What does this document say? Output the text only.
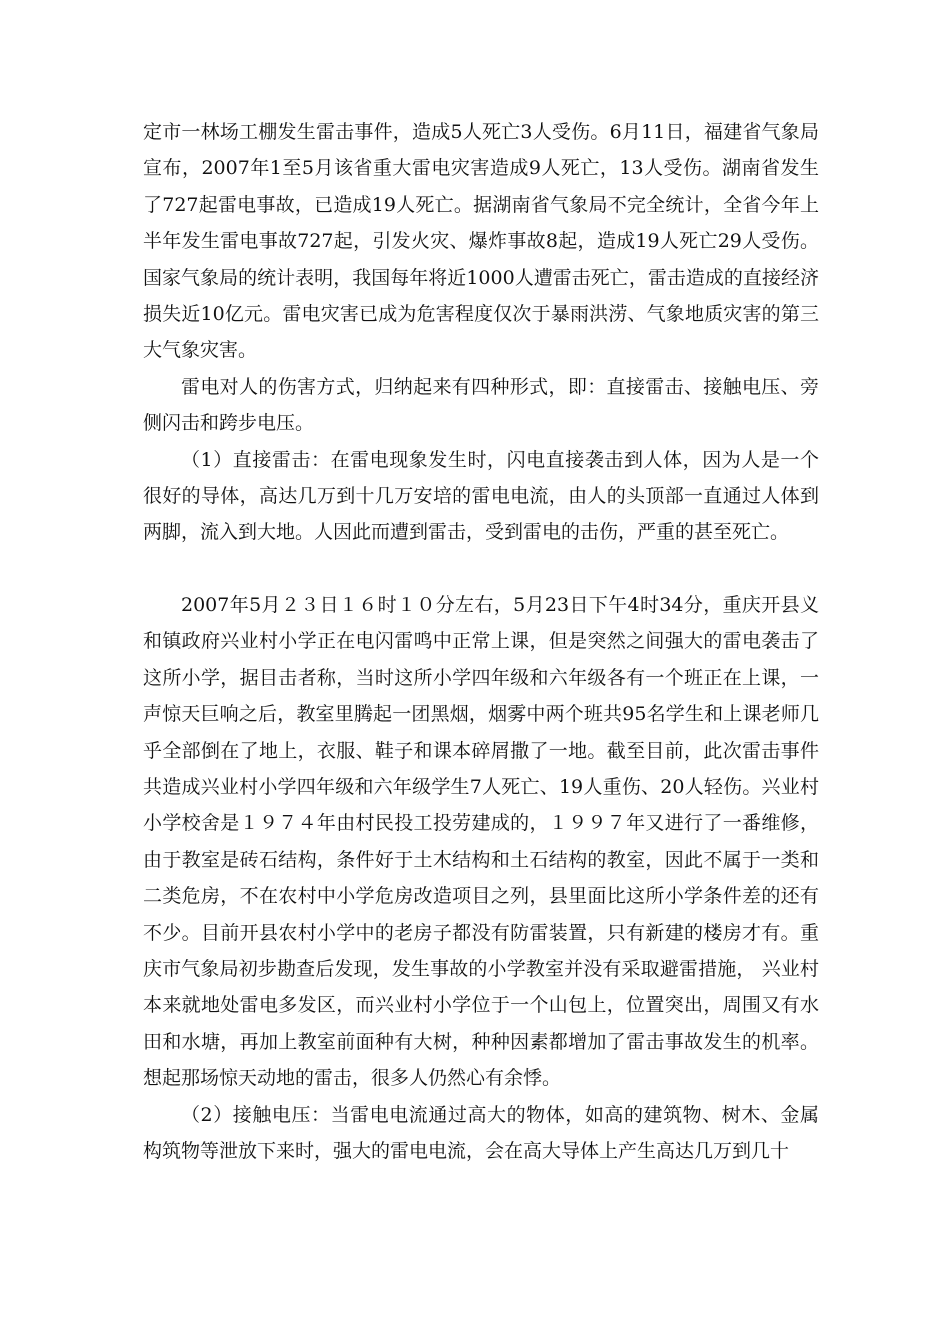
定市一林场工棚发生雷击事件，造成5人死亡3人受伤。6月11日，福建省气象局宣布，2007年1至5月该省重大雷电灾害造成9人死亡，13人受伤。湖南省发生了727起雷电事故，已造成19人死亡。据湖南省气象局不完全统计，全省今年上半年发生雷电事故727起，引发火灾、爆炸事故8起，造成19人死亡29人受伤。国家气象局的统计表明，我国每年将近1000人遭雷击死亡，雷击造成的直接经济损失近10亿元。雷电灾害已成为危害程度仅次于暴雨洪涝、气象地质灾害的第三大气象灾害。

雷电对人的伤害方式，归纳起来有四种形式，即：直接雷击、接触电压、旁侧闪击和跨步电压。

（1）直接雷击：在雷电现象发生时，闪电直接袭击到人体，因为人是一个很好的导体，高达几万到十几万安培的雷电电流，由人的头顶部一直通过人体到两脚，流入到大地。人因此而遭到雷击，受到雷电的击伤，严重的甚至死亡。

2007年5月２３日１６时１０分左右，5月23日下午4时34分，重庆开县义和镇政府兴业村小学正在电闪雷鸣中正常上课，但是突然之间强大的雷电袭击了这所小学，据目击者称，当时这所小学四年级和六年级各有一个班正在上课，一声惊天巨响之后，教室里腾起一团黑烟，烟雾中两个班共95名学生和上课老师几乎全部倒在了地上，衣服、鞋子和课本碎屑撒了一地。截至目前，此次雷击事件共造成兴业村小学四年级和六年级学生7人死亡、19人重伤、20人轻伤。兴业村小学校舍是１９７４年由村民投工投劳建成的，１９９７年又进行了一番维修，由于教室是砖石结构，条件好于土木结构和土石结构的教室，因此不属于一类和二类危房，不在农村中小学危房改造项目之列，县里面比这所小学条件差的还有不少。目前开县农村小学中的老房子都没有防雷装置，只有新建的楼房才有。重庆市气象局初步勘查后发现，发生事故的小学教室并没有采取避雷措施， 兴业村本来就地处雷电多发区，而兴业村小学位于一个山包上，位置突出，周围又有水田和水塘，再加上教室前面种有大树，种种因素都增加了雷击事故发生的机率。想起那场惊天动地的雷击，很多人仍然心有余悸。

（2）接触电压：当雷电电流通过高大的物体，如高的建筑物、树木、金属构筑物等泄放下来时，强大的雷电电流，会在高大导体上产生高达几万到几十
